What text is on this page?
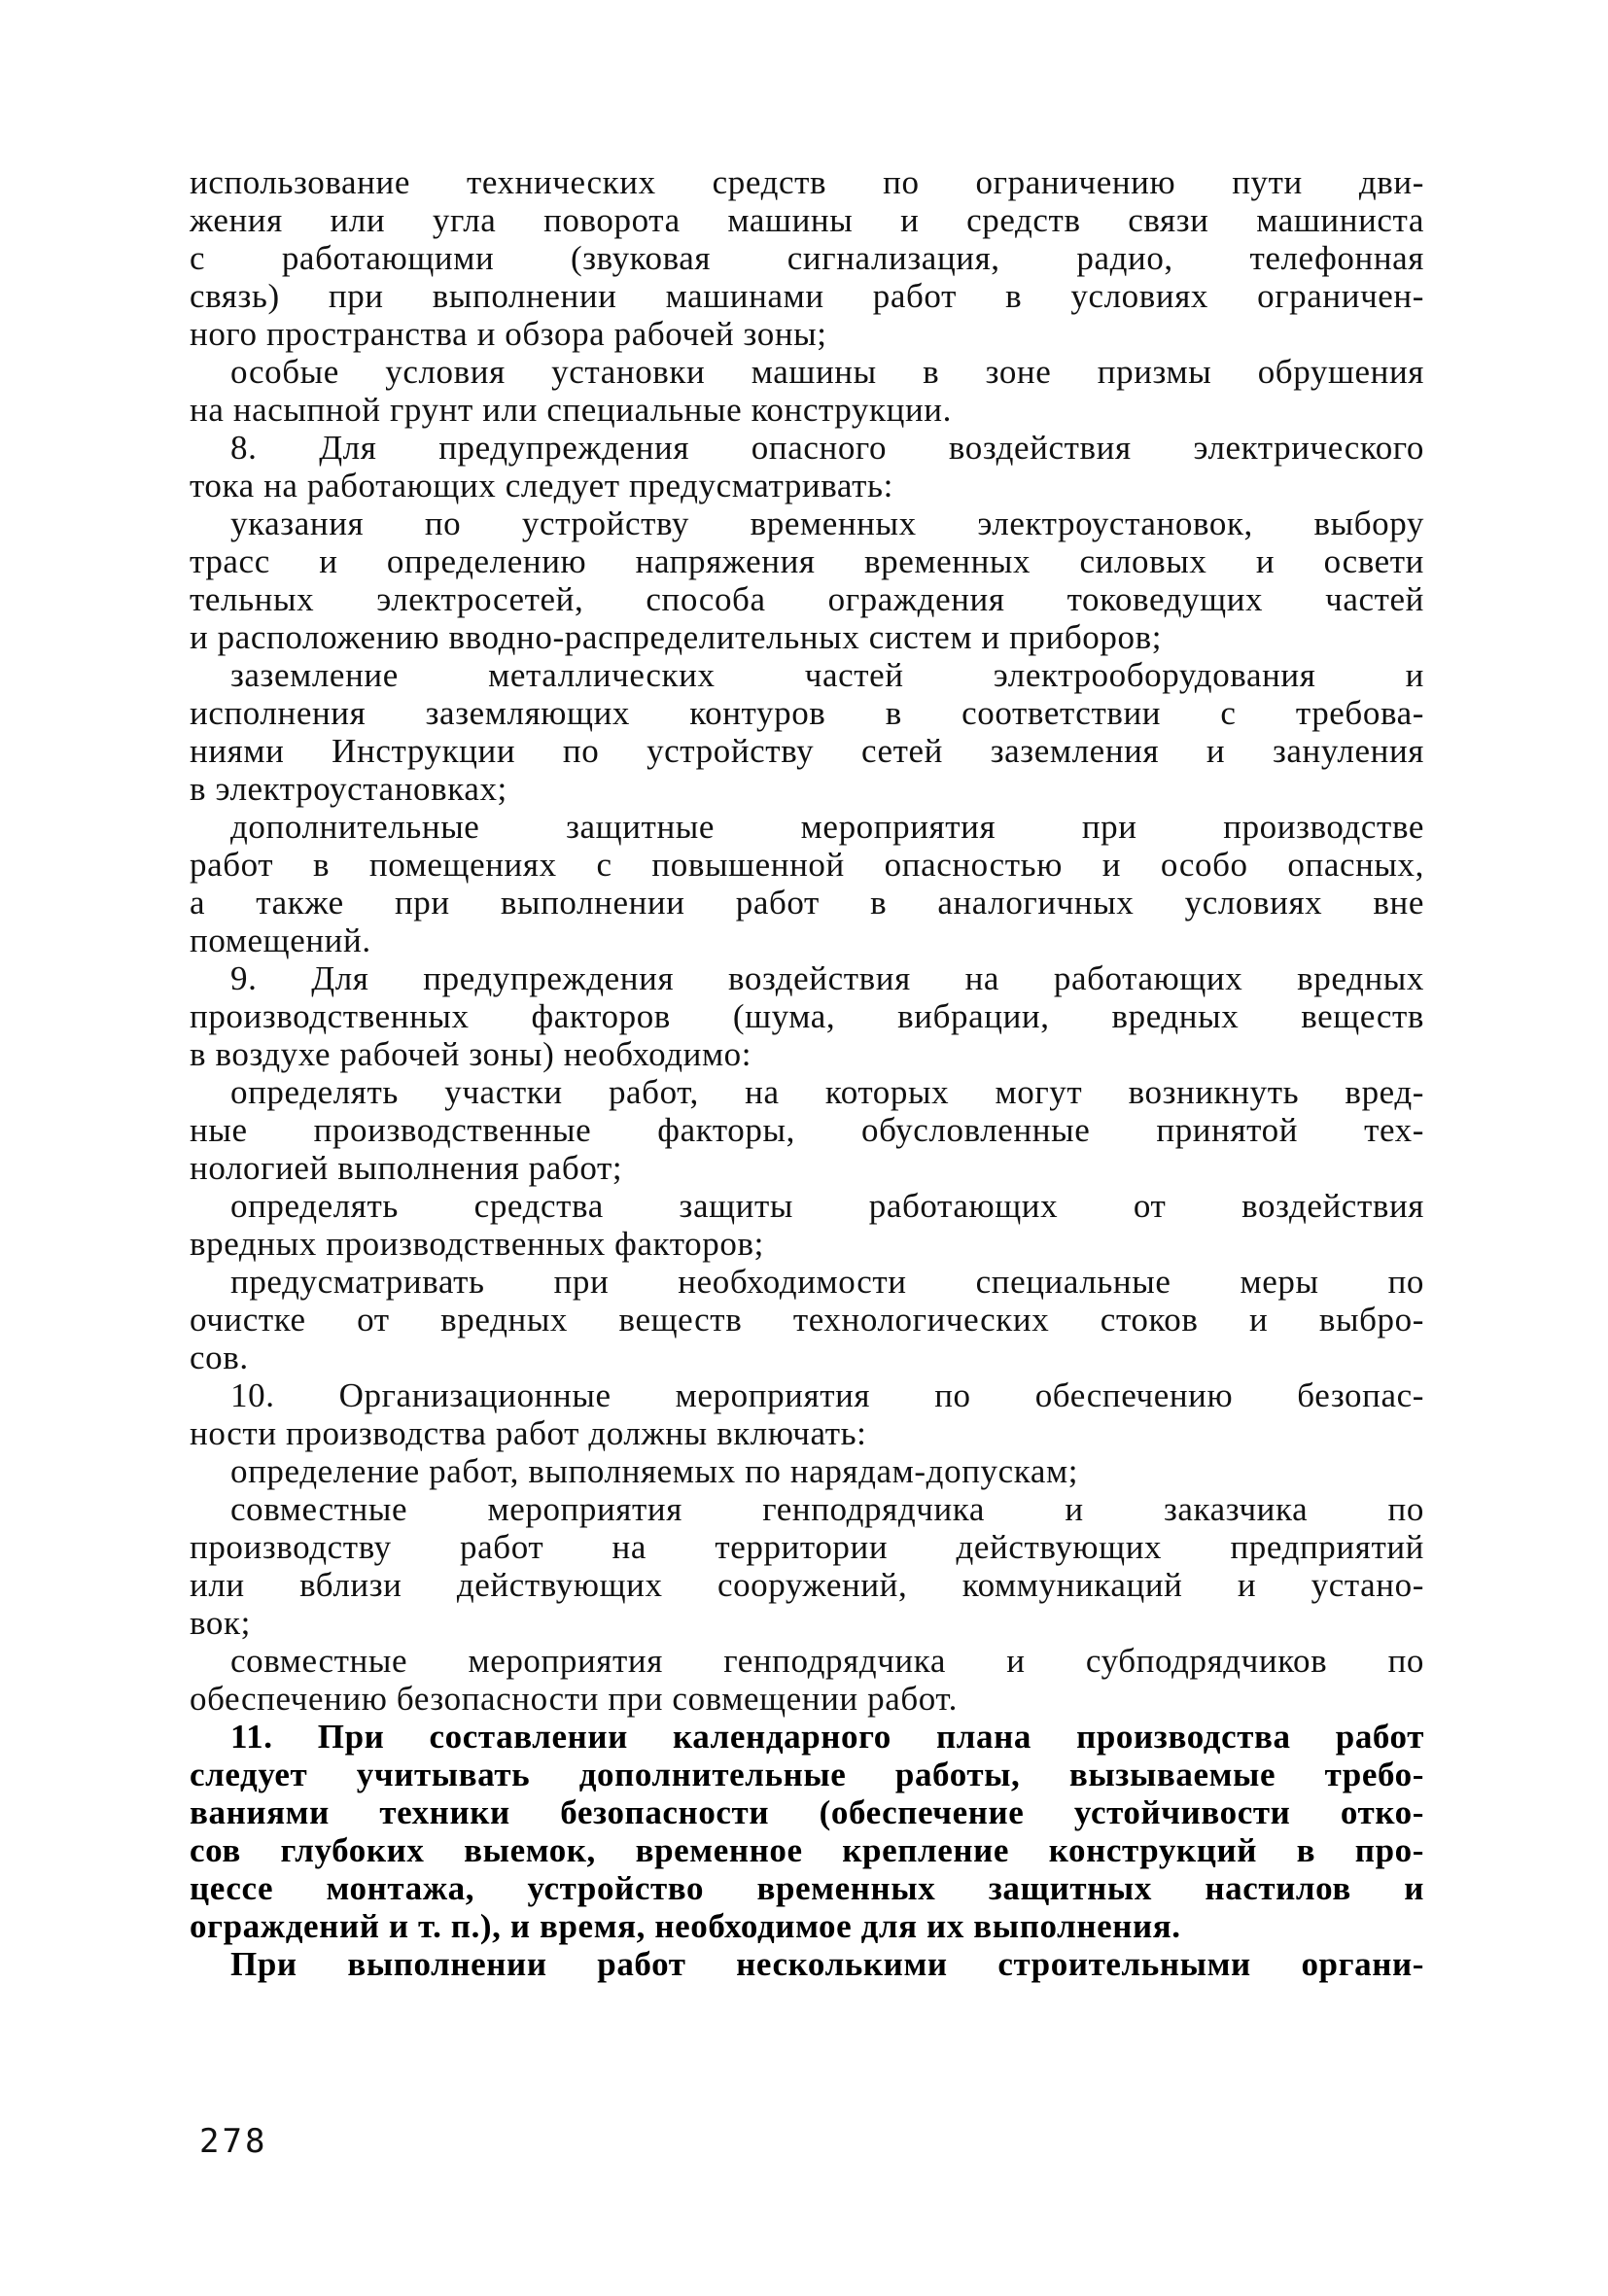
использование технических средств по ограничению пути дви-
жения или угла поворота машины и средств связи машиниста
с работающими (звуковая сигнализация, радио, телефонная
связь) при выполнении машинами работ в условиях ограничен-
ного пространства и обзора рабочей зоны;
особые условия установки машины в зоне призмы обрушения
на насыпной грунт или специальные конструкции.
8. Для предупреждения опасного воздействия электрического
тока на работающих следует предусматривать:
указания по устройству временных электроустановок, выбору
трасс и определению напряжения временных силовых и освети
тельных электросетей, способа ограждения токоведущих частей
и расположению вводно-распределительных систем и приборов;
заземление металлических частей электрооборудования и
исполнения заземляющих контуров в соответствии с требова-
ниями Инструкции по устройству сетей заземления и зануления
в электроустановках;
дополнительные защитные мероприятия при производстве
работ в помещениях с повышенной опасностью и особо опасных,
а также при выполнении работ в аналогичных условиях вне
помещений.
9. Для предупреждения воздействия на работающих вредных
производственных факторов (шума, вибрации, вредных веществ
в воздухе рабочей зоны) необходимо:
определять участки работ, на которых могут возникнуть вред-
ные производственные факторы, обусловленные принятой тех-
нологией выполнения работ;
определять средства защиты работающих от воздействия
вредных производственных факторов;
предусматривать при необходимости специальные меры по
очистке от вредных веществ технологических стоков и выбро-
сов.
10. Организационные мероприятия по обеспечению безопас-
ности производства работ должны включать:
определение работ, выполняемых по нарядам-допускам;
совместные мероприятия генподрядчика и заказчика по
производству работ на территории действующих предприятий
или вблизи действующих сооружений, коммуникаций и устано-
вок;
совместные мероприятия генподрядчика и субподрядчиков по
обеспечению безопасности при совмещении работ.
11. При составлении календарного плана производства работ
следует учитывать дополнительные работы, вызываемые требо-
ваниями техники безопасности (обеспечение устойчивости отко-
сов глубоких выемок, временное крепление конструкций в про-
цессе монтажа, устройство временных защитных настилов и
ограждений и т. п.), и время, необходимое для их выполнения.
При выполнении работ несколькими строительными органи-
278
